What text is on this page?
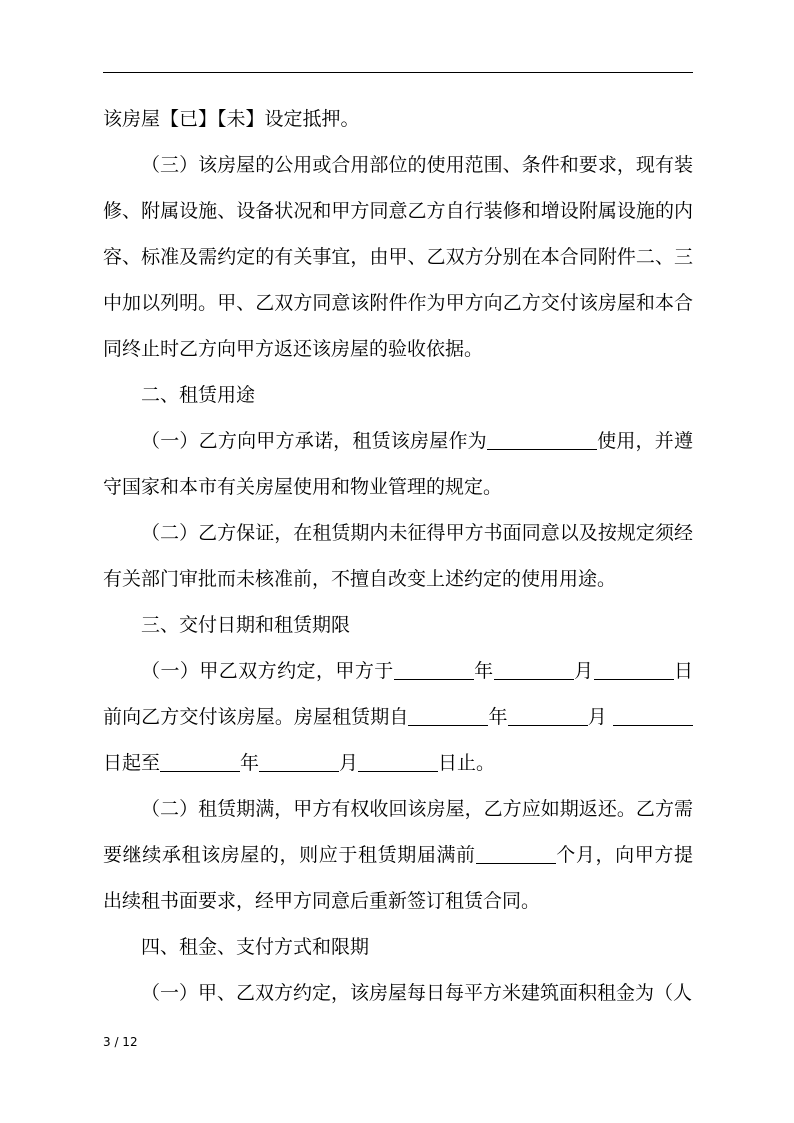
该房屋【已】【未】设定抵押。

（三）该房屋的公用或合用部位的使用范围、条件和要求，现有装修、附属设施、设备状况和甲方同意乙方自行装修和增设附属设施的内容、标准及需约定的有关事宜，由甲、乙双方分别在本合同附件二、三中加以列明。甲、乙双方同意该附件作为甲方向乙方交付该房屋和本合同终止时乙方向甲方返还该房屋的验收依据。

二、租赁用途

（一）乙方向甲方承诺，租赁该房屋作为	使用，并遵守国家和本市有关房屋使用和物业管理的规定。

（二）乙方保证，在租赁期内未征得甲方书面同意以及按规定须经有关部门审批而未核准前，不擅自改变上述约定的使用用途。

三、交付日期和租赁期限

（一）甲乙双方约定，甲方于	年	月	日前向乙方交付该房屋。房屋租赁期自	年	月 日起至	年	月	日止。

（二）租赁期满，甲方有权收回该房屋，乙方应如期返还。乙方需要继续承租该房屋的，则应于租赁期届满前	个月，向甲方提出续租书面要求，经甲方同意后重新签订租赁合同。

四、租金、支付方式和限期

（一）甲、乙双方约定，该房屋每日每平方米建筑面积租金为（人

3 / 12
